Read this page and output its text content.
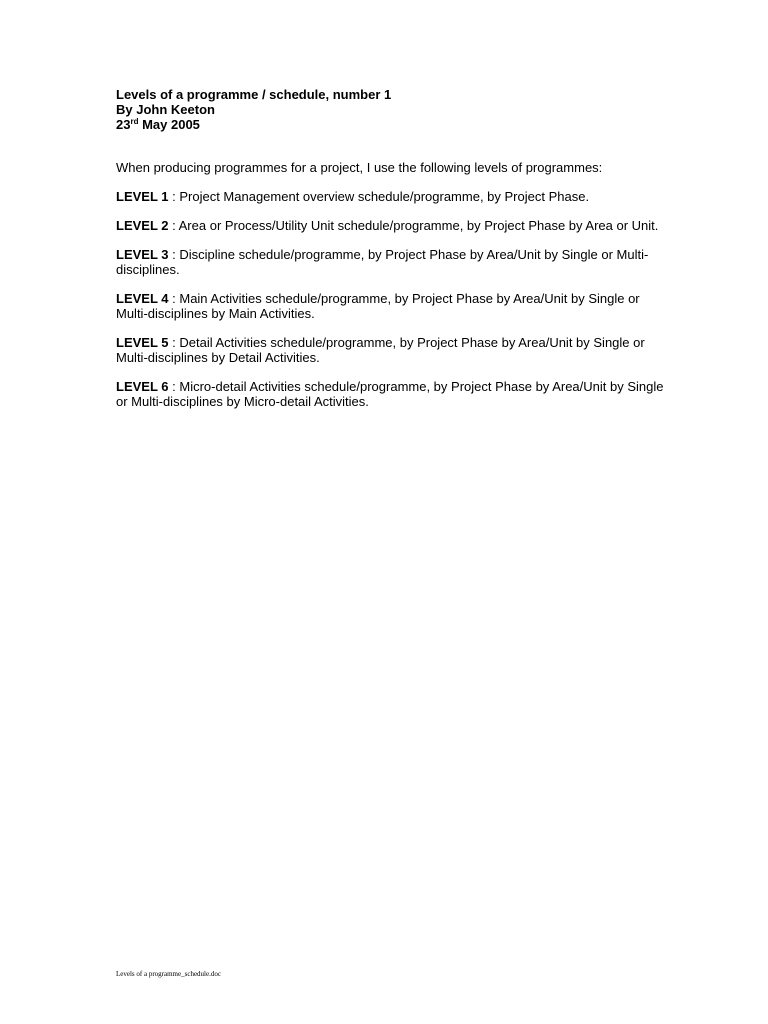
Levels of a programme / schedule, number 1
By John Keeton
23rd May 2005

When producing programmes for a project, I use the following levels of programmes:

LEVEL 1 : Project Management overview schedule/programme, by Project Phase.

LEVEL 2 : Area or Process/Utility Unit schedule/programme, by Project Phase by Area or Unit.

LEVEL 3 : Discipline schedule/programme, by Project Phase by Area/Unit by Single or Multi-disciplines.

LEVEL 4 : Main Activities schedule/programme, by Project Phase by Area/Unit by Single or Multi-disciplines by Main Activities.

LEVEL 5 : Detail Activities schedule/programme, by Project Phase by Area/Unit by Single or Multi-disciplines by Detail Activities.

LEVEL 6 : Micro-detail Activities schedule/programme, by Project Phase by Area/Unit by Single or Multi-disciplines by Micro-detail Activities.

Levels of a programme_schedule.doc
